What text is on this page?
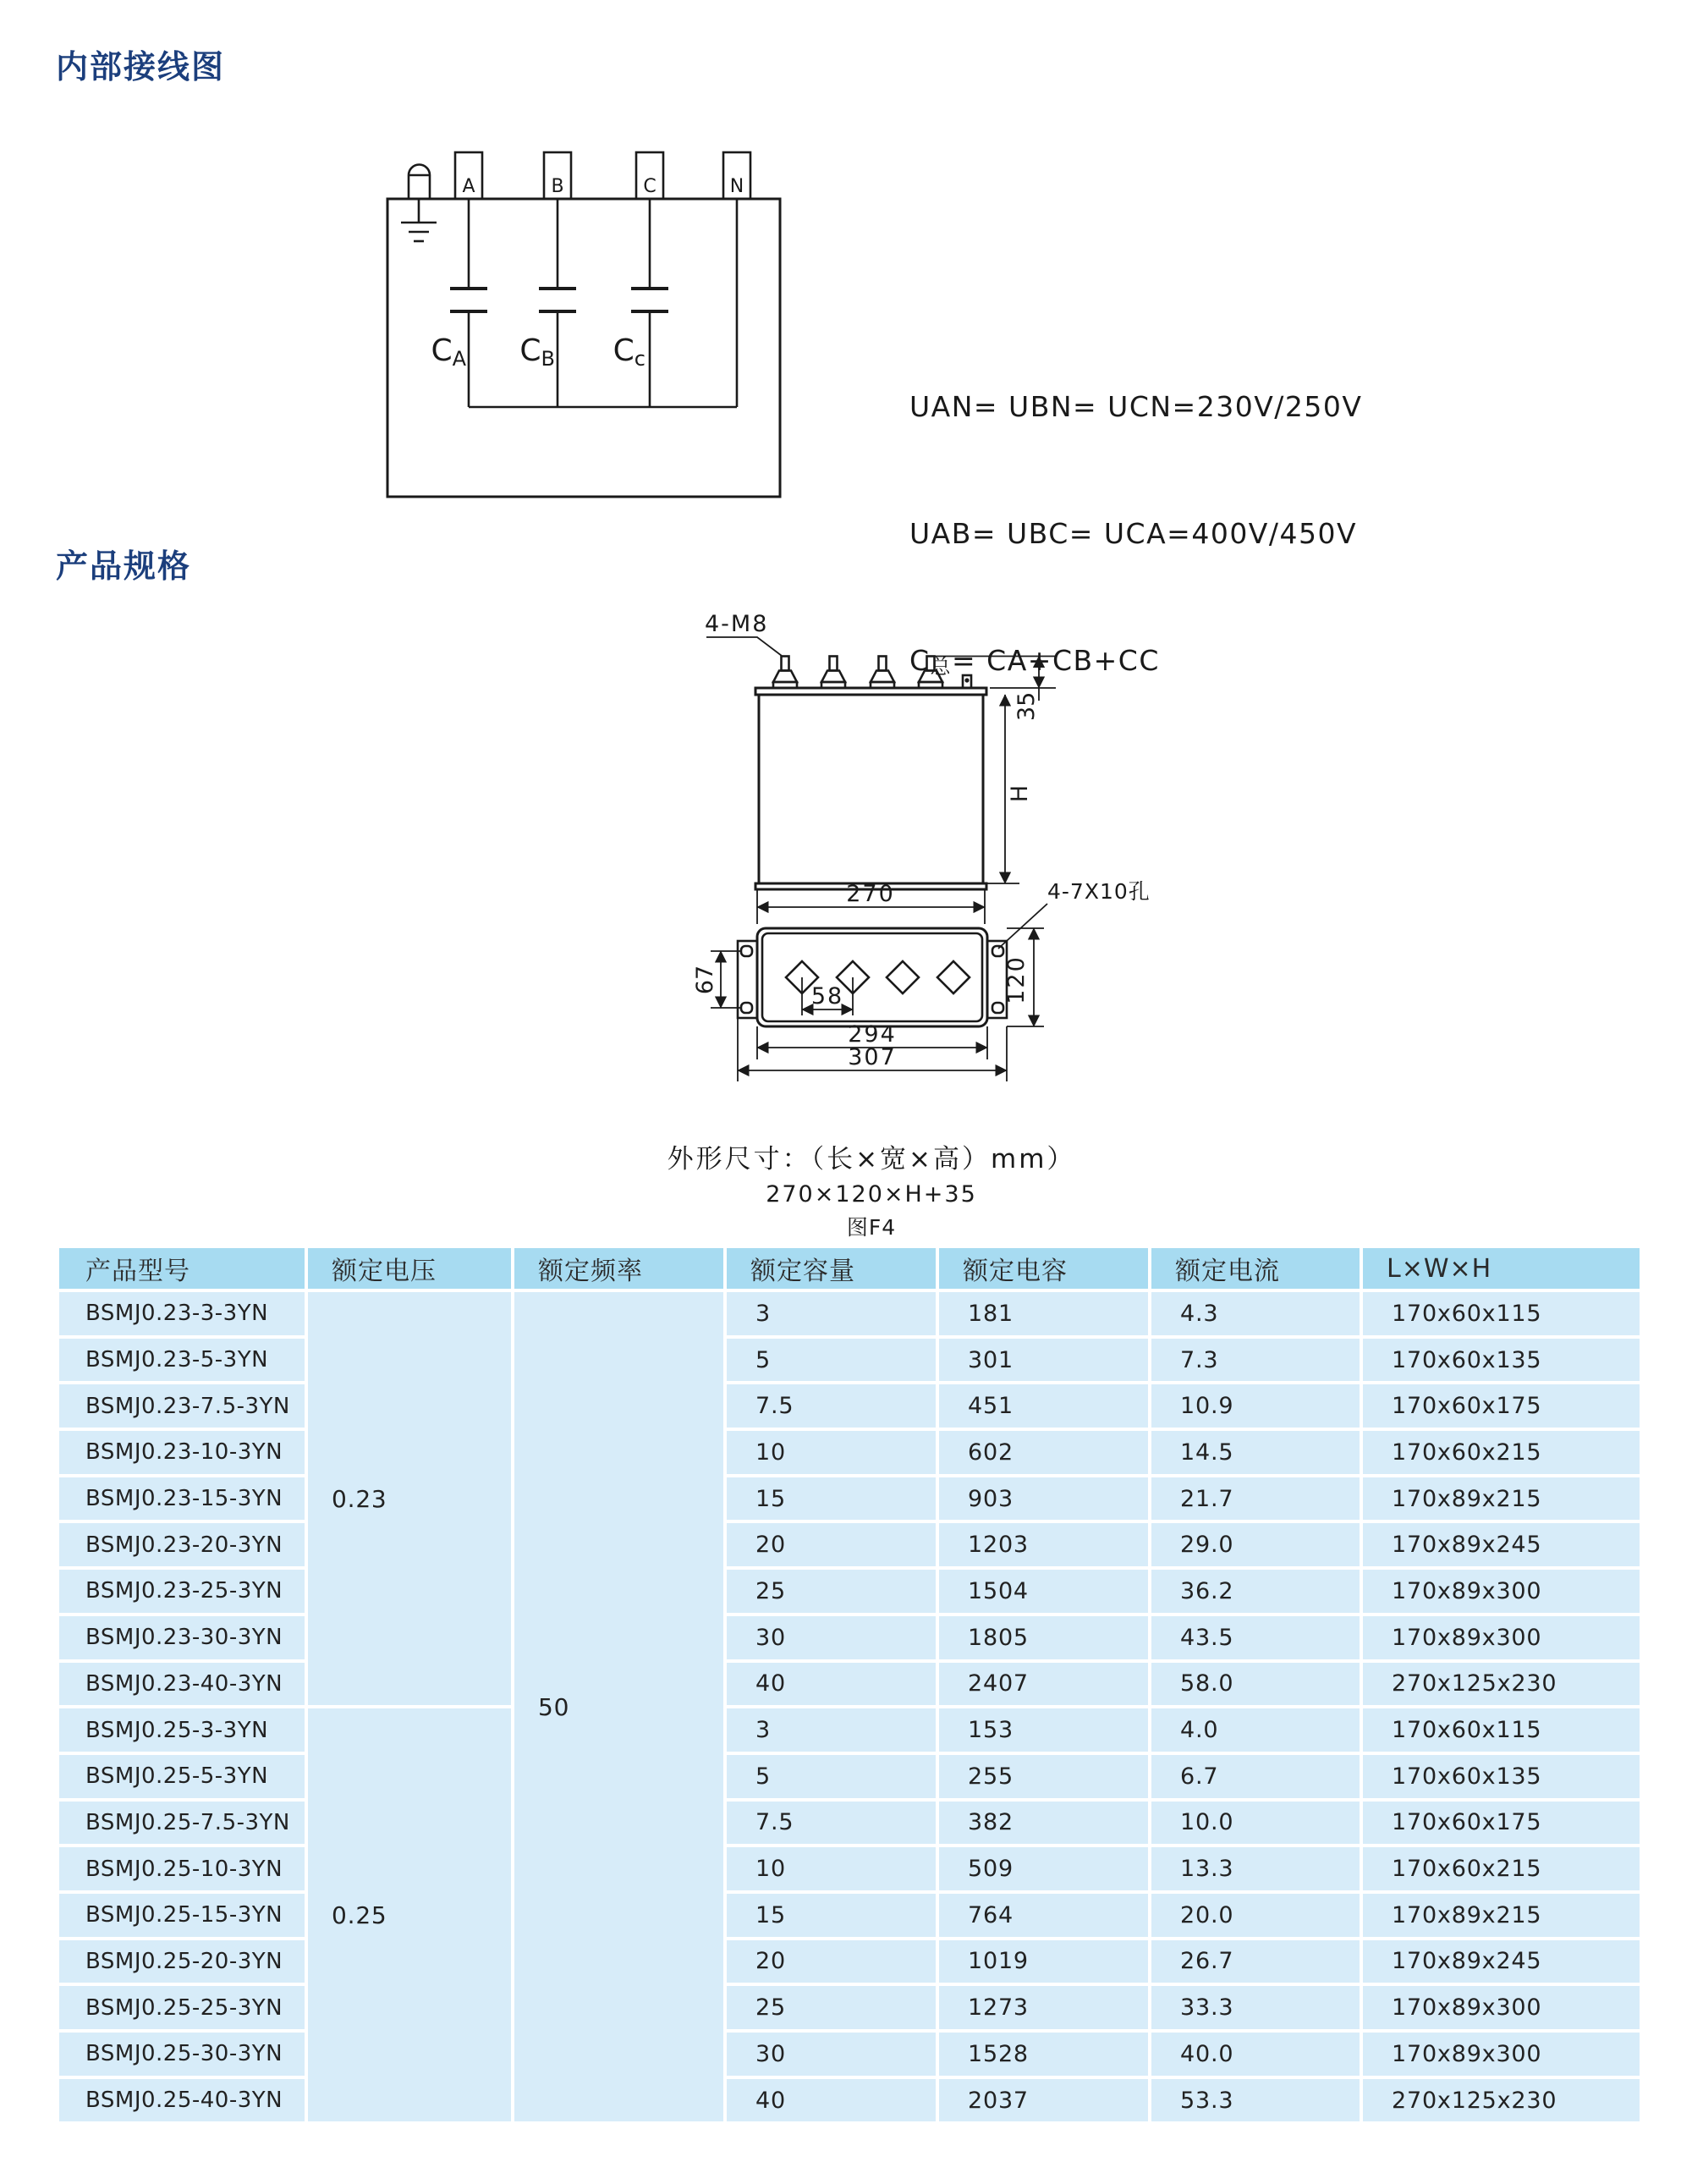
内部接线图
A	B	C	N
CA CB Cc

UAN= UBN= UCN=230V/250V

UAB= UBC= UCA=400V/450V

C总= CA+CB+CC

产品规格
4-M8
35
H
270	4-7X10孔
67
58	120
294
307
外形尺寸：（长×宽×高）mm）
270×120×H+35
图F4
产品型号	额定电压	额定频率	额定容量	额定电容	额定电流	L×W×H
BSMJ0.23-3-3YN	0.23	50	3	181	4.3	170x60x115
BSMJ0.23-5-3YN			5	301	7.3	170x60x135
BSMJ0.23-7.5-3YN			7.5	451	10.9	170x60x175
BSMJ0.23-10-3YN			10	602	14.5	170x60x215
BSMJ0.23-15-3YN			15	903	21.7	170x89x215
BSMJ0.23-20-3YN			20	1203	29.0	170x89x245
BSMJ0.23-25-3YN			25	1504	36.2	170x89x300
BSMJ0.23-30-3YN			30	1805	43.5	170x89x300
BSMJ0.23-40-3YN			40	2407	58.0	270x125x230
BSMJ0.25-3-3YN	0.25		3	153	4.0	170x60x115
BSMJ0.25-5-3YN			5	255	6.7	170x60x135
BSMJ0.25-7.5-3YN			7.5	382	10.0	170x60x175
BSMJ0.25-10-3YN			10	509	13.3	170x60x215
BSMJ0.25-15-3YN			15	764	20.0	170x89x215
BSMJ0.25-20-3YN			20	1019	26.7	170x89x245
BSMJ0.25-25-3YN			25	1273	33.3	170x89x300
BSMJ0.25-30-3YN			30	1528	40.0	170x89x300
BSMJ0.25-40-3YN			40	2037	53.3	270x125x230
